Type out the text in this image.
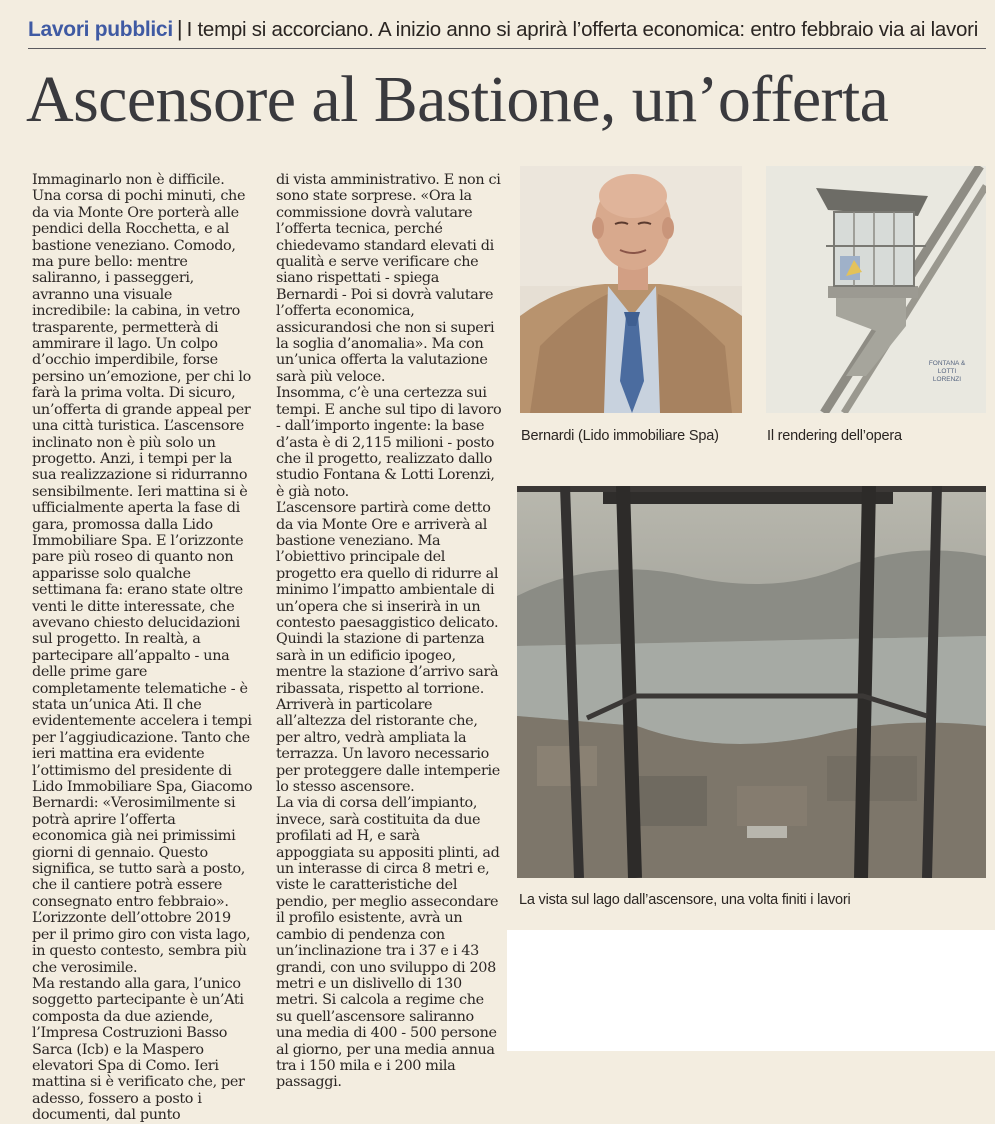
Lavori pubblici | I tempi si accorciano. A inizio anno si aprirà l’offerta economica: entro febbraio via ai lavori
Ascensore al Bastione, un’offerta

Immaginarlo non è difficile. Una corsa di pochi minuti, che da via Monte Ore porterà alle pendici della Rocchetta, e al bastione veneziano. Comodo, ma pure bello: mentre saliranno, i passeggeri, avranno una visuale incredibile: la cabina, in vetro trasparente, permetterà di ammirare il lago. Un colpo d’occhio imperdibile, forse persino un’emozione, per chi lo farà la prima volta. Di sicuro, un’offerta di grande appeal per una città turistica. L’ascensore inclinato non è più solo un progetto. Anzi, i tempi per la sua realizzazione si ridurranno sensibilmente. Ieri mattina si è ufficialmente aperta la fase di gara, promossa dalla Lido Immobiliare Spa. E l’orizzonte pare più roseo di quanto non apparisse solo qualche settimana fa: erano state oltre venti le ditte interessate, che avevano chiesto delucidazioni sul progetto. In realtà, a partecipare all’appalto - una delle prime gare completamente telematiche - è stata un’unica Ati. Il che evidentemente accelera i tempi per l’aggiudicazione. Tanto che ieri mattina era evidente l’ottimismo del presidente di Lido Immobiliare Spa, Giacomo Bernardi: «Verosimilmente si potrà aprire l’offerta economica già nei primissimi giorni di gennaio. Questo significa, se tutto sarà a posto, che il cantiere potrà essere consegnato entro febbraio». L’orizzonte dell’ottobre 2019 per il primo giro con vista lago, in questo contesto, sembra più che verosimile.

Ma restando alla gara, l’unico soggetto partecipante è un’Ati composta da due aziende, l’Impresa Costruzioni Basso Sarca (Icb) e la Maspero elevatori Spa di Como. Ieri mattina si è verificato che, per adesso, fossero a posto i documenti, dal punto

di vista amministrativo. E non ci sono state sorprese. «Ora la commissione dovrà valutare l’offerta tecnica, perché chiedevamo standard elevati di qualità e serve verificare che siano rispettati - spiega Bernardi - Poi si dovrà valutare l’offerta economica, assicurandosi che non si superi la soglia d’anomalia». Ma con un’unica offerta la valutazione sarà più veloce.

Insomma, c’è una certezza sui tempi. E anche sul tipo di lavoro - dall’importo ingente: la base d’asta è di 2,115 milioni - posto che il progetto, realizzato dallo studio Fontana & Lotti Lorenzi, è già noto.

L’ascensore partirà come detto da via Monte Ore e arriverà al bastione veneziano. Ma l’obiettivo principale del progetto era quello di ridurre al minimo l’impatto ambientale di un’opera che si inserirà in un contesto paesaggistico delicato. Quindi la stazione di partenza sarà in un edificio ipogeo, mentre la stazione d’arrivo sarà ribassata, rispetto al torrione. Arriverà in particolare all’altezza del ristorante che, per altro, vedrà ampliata la terrazza. Un lavoro necessario per proteggere dalle intemperie lo stesso ascensore.

La via di corsa dell’impianto, invece, sarà costituita da due profilati ad H, e sarà appoggiata su appositi plinti, ad un interasse di circa 8 metri e, viste le caratteristiche del pendio, per meglio assecondare il profilo esistente, avrà un cambio di pendenza con un’inclinazione tra i 37 e i 43 grandi, con uno sviluppo di 208 metri e un dislivello di 130 metri. Si calcola a regime che su quell’ascensore saliranno una media di 400 - 500 persone al giorno, per una media annua tra i 150 mila e i 200 mila passaggi.

Bernardi (Lido immobiliare Spa)
FONTANA & LOTTI LORENZI
Il rendering dell’opera
La vista sul lago dall’ascensore, una volta finiti i lavori
